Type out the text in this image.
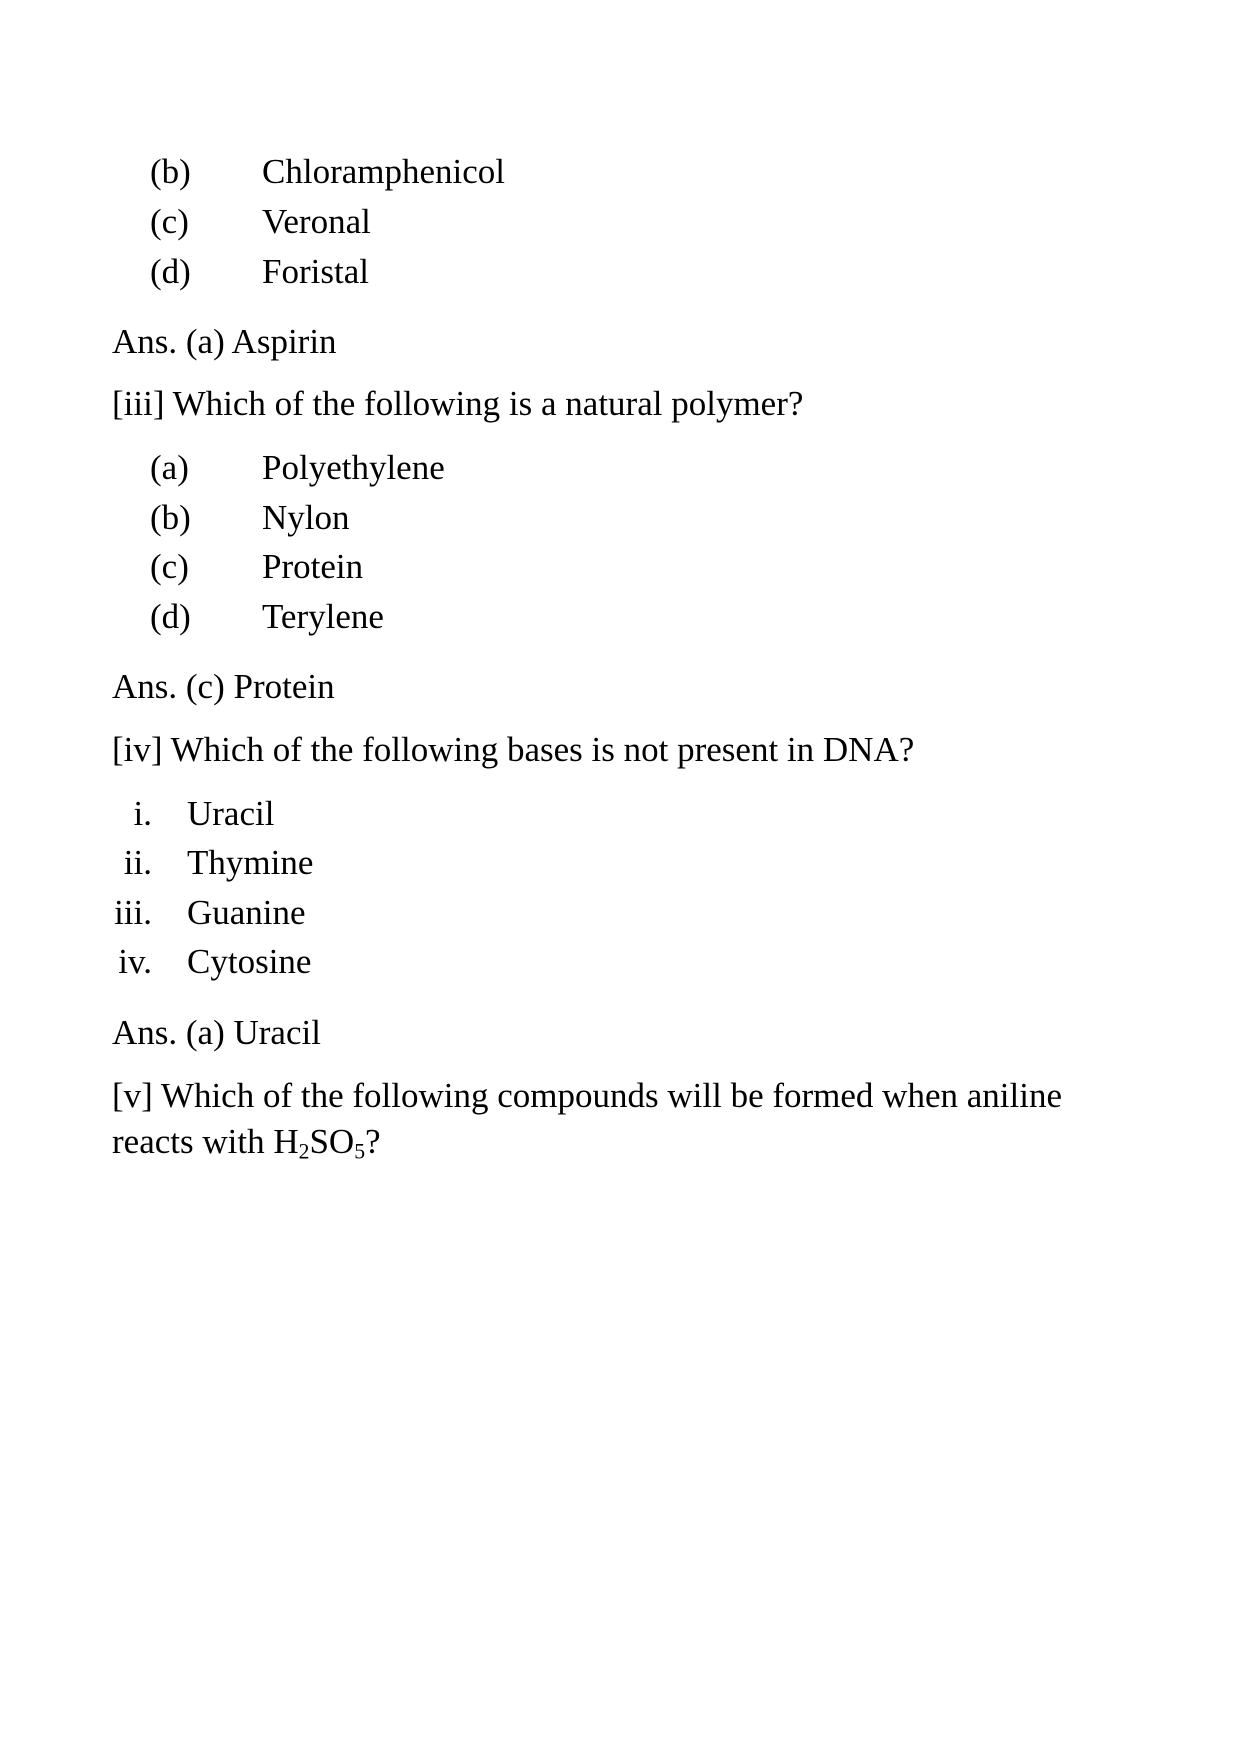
(b) Chloramphenicol
(c) Veronal
(d) Foristal
Ans. (a) Aspirin
[iii] Which of the following is a natural polymer?
(a) Polyethylene
(b) Nylon
(c) Protein
(d) Terylene
Ans. (c) Protein
[iv] Which of the following bases is not present in DNA?
i. Uracil
ii. Thymine
iii. Guanine
iv. Cytosine
Ans. (a) Uracil
[v] Which of the following compounds will be formed when aniline
reacts with $H_2SO_5$?
